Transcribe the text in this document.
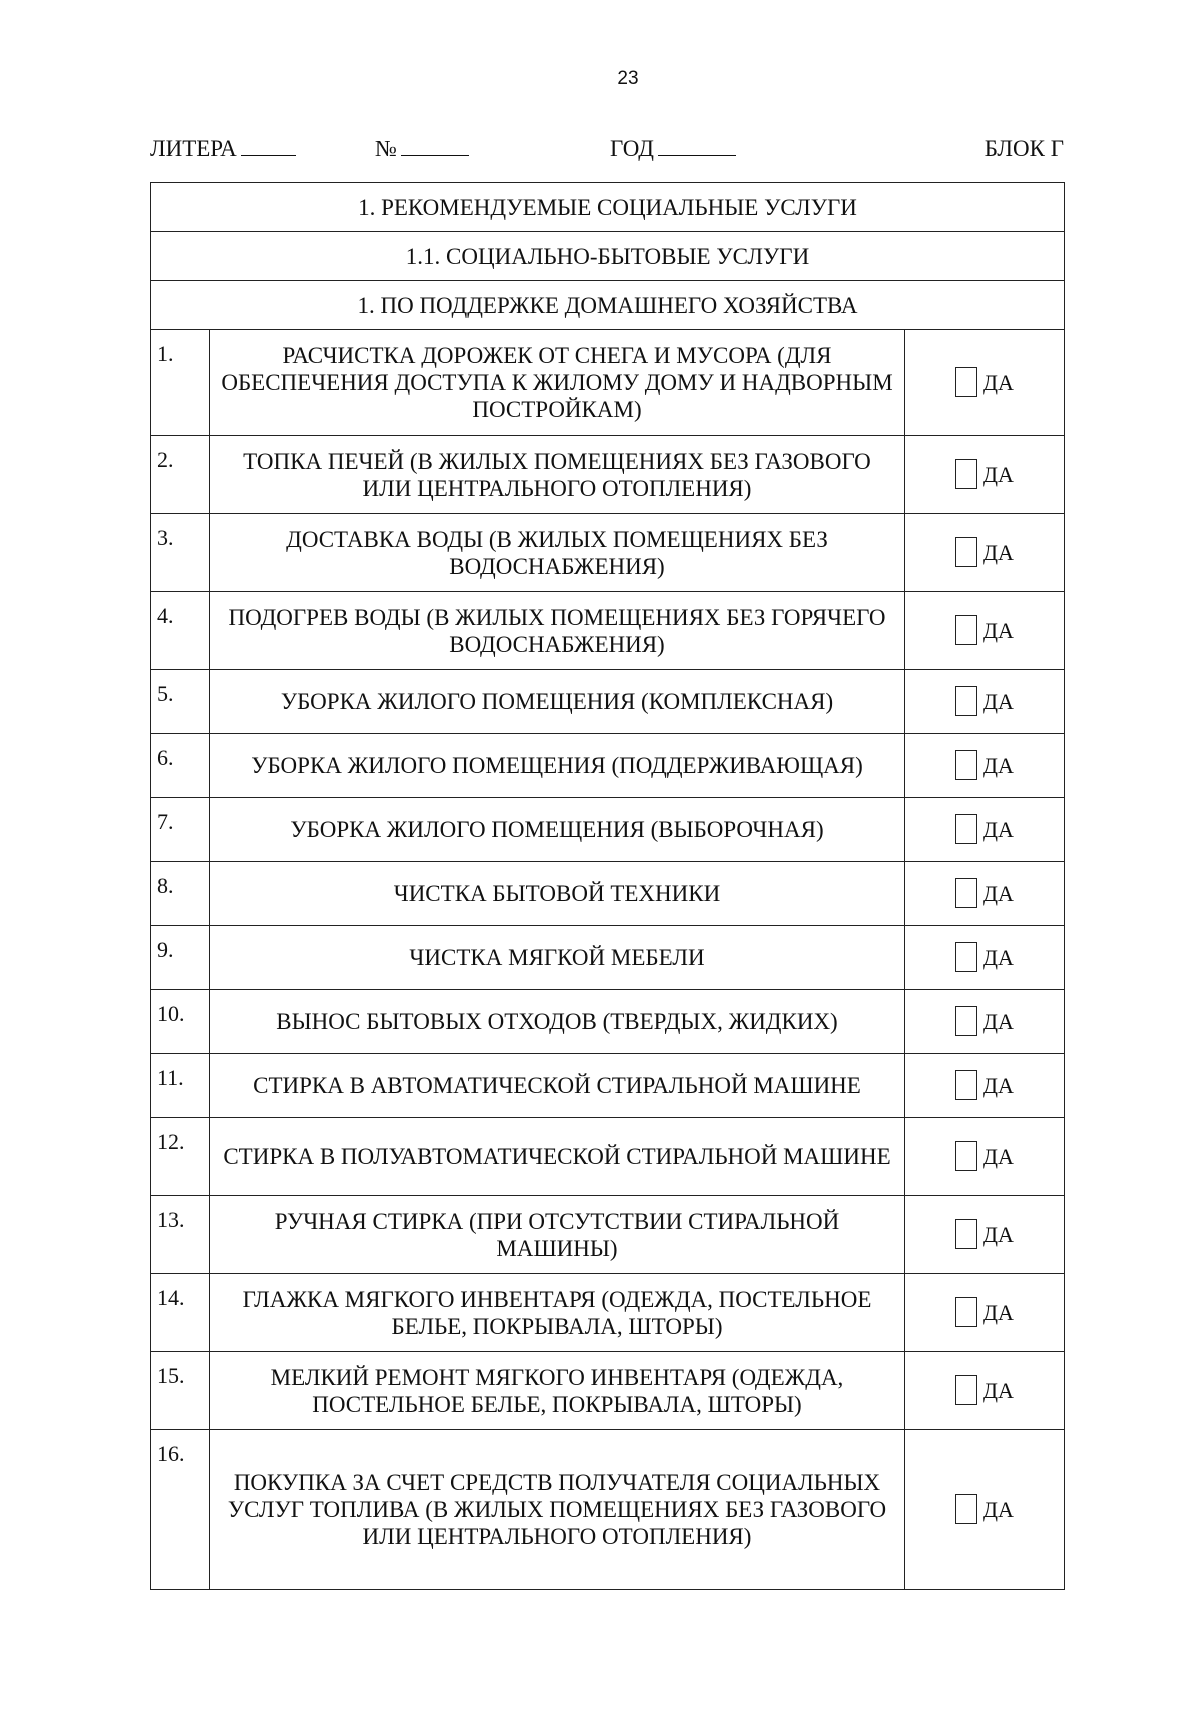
23
ЛИТЕРА	№	ГОД	БЛОК Г
1. РЕКОМЕНДУЕМЫЕ СОЦИАЛЬНЫЕ УСЛУГИ		
1.1. СОЦИАЛЬНО-БЫТОВЫЕ УСЛУГИ		
1. ПО ПОДДЕРЖКЕ ДОМАШНЕГО ХОЗЯЙСТВА		
1.	РАСЧИСТКА ДОРОЖЕК ОТ СНЕГА И МУСОРА (ДЛЯ ОБЕСПЕЧЕНИЯ ДОСТУПА К ЖИЛОМУ ДОМУ И НАДВОРНЫМ ПОСТРОЙКАМ)	ДА
2.	ТОПКА ПЕЧЕЙ (В ЖИЛЫХ ПОМЕЩЕНИЯХ БЕЗ ГАЗОВОГО ИЛИ ЦЕНТРАЛЬНОГО ОТОПЛЕНИЯ)	ДА
3.	ДОСТАВКА ВОДЫ (В ЖИЛЫХ ПОМЕЩЕНИЯХ БЕЗ ВОДОСНАБЖЕНИЯ)	ДА
4.	ПОДОГРЕВ ВОДЫ (В ЖИЛЫХ ПОМЕЩЕНИЯХ БЕЗ ГОРЯЧЕГО ВОДОСНАБЖЕНИЯ)	ДА
5.	УБОРКА ЖИЛОГО ПОМЕЩЕНИЯ (КОМПЛЕКСНАЯ)	ДА
6.	УБОРКА ЖИЛОГО ПОМЕЩЕНИЯ (ПОДДЕРЖИВАЮЩАЯ)	ДА
7.	УБОРКА ЖИЛОГО ПОМЕЩЕНИЯ (ВЫБОРОЧНАЯ)	ДА
8.	ЧИСТКА БЫТОВОЙ ТЕХНИКИ	ДА
9.	ЧИСТКА МЯГКОЙ МЕБЕЛИ	ДА
10.	ВЫНОС БЫТОВЫХ ОТХОДОВ (ТВЕРДЫХ, ЖИДКИХ)	ДА
11.	СТИРКА В АВТОМАТИЧЕСКОЙ СТИРАЛЬНОЙ МАШИНЕ	ДА
12.	СТИРКА В ПОЛУАВТОМАТИЧЕСКОЙ СТИРАЛЬНОЙ МАШИНЕ	ДА
13.	РУЧНАЯ СТИРКА (ПРИ ОТСУТСТВИИ СТИРАЛЬНОЙ МАШИНЫ)	ДА
14.	ГЛАЖКА МЯГКОГО ИНВЕНТАРЯ (ОДЕЖДА, ПОСТЕЛЬНОЕ БЕЛЬЕ, ПОКРЫВАЛА, ШТОРЫ)	ДА
15.	МЕЛКИЙ РЕМОНТ МЯГКОГО ИНВЕНТАРЯ (ОДЕЖДА, ПОСТЕЛЬНОЕ БЕЛЬЕ, ПОКРЫВАЛА, ШТОРЫ)	ДА
16.	ПОКУПКА ЗА СЧЕТ СРЕДСТВ ПОЛУЧАТЕЛЯ СОЦИАЛЬНЫХ УСЛУГ ТОПЛИВА (В ЖИЛЫХ ПОМЕЩЕНИЯХ БЕЗ ГАЗОВОГО ИЛИ ЦЕНТРАЛЬНОГО ОТОПЛЕНИЯ)	ДА
